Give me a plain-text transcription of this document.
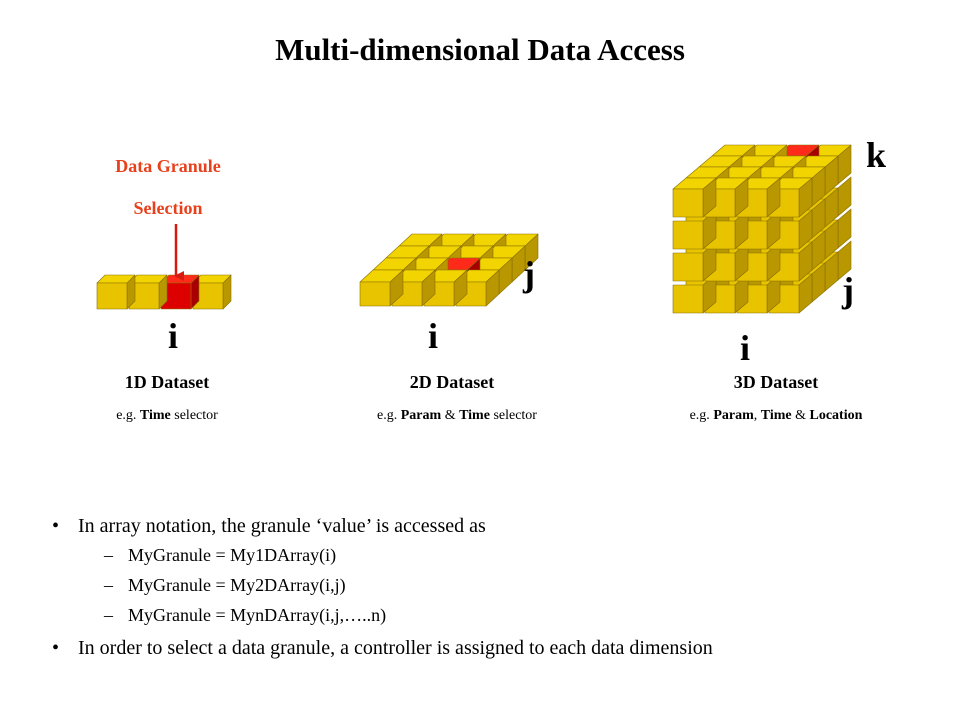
Multi-dimensional Data Access
Data Granule
Selection
i	i
j
i
j
k
1D Dataset	2D Dataset	3D Dataset
e.g. Time selector	e.g. Param & Time selector	e.g. Param, Time & Location
• In array notation, the granule ‘value’ is accessed as
– MyGranule = My1DArray(i)
– MyGranule = My2DArray(i,j)
– MyGranule = MynDArray(i,j,…..n)
• In order to select a data granule, a controller is assigned to each data dimension
